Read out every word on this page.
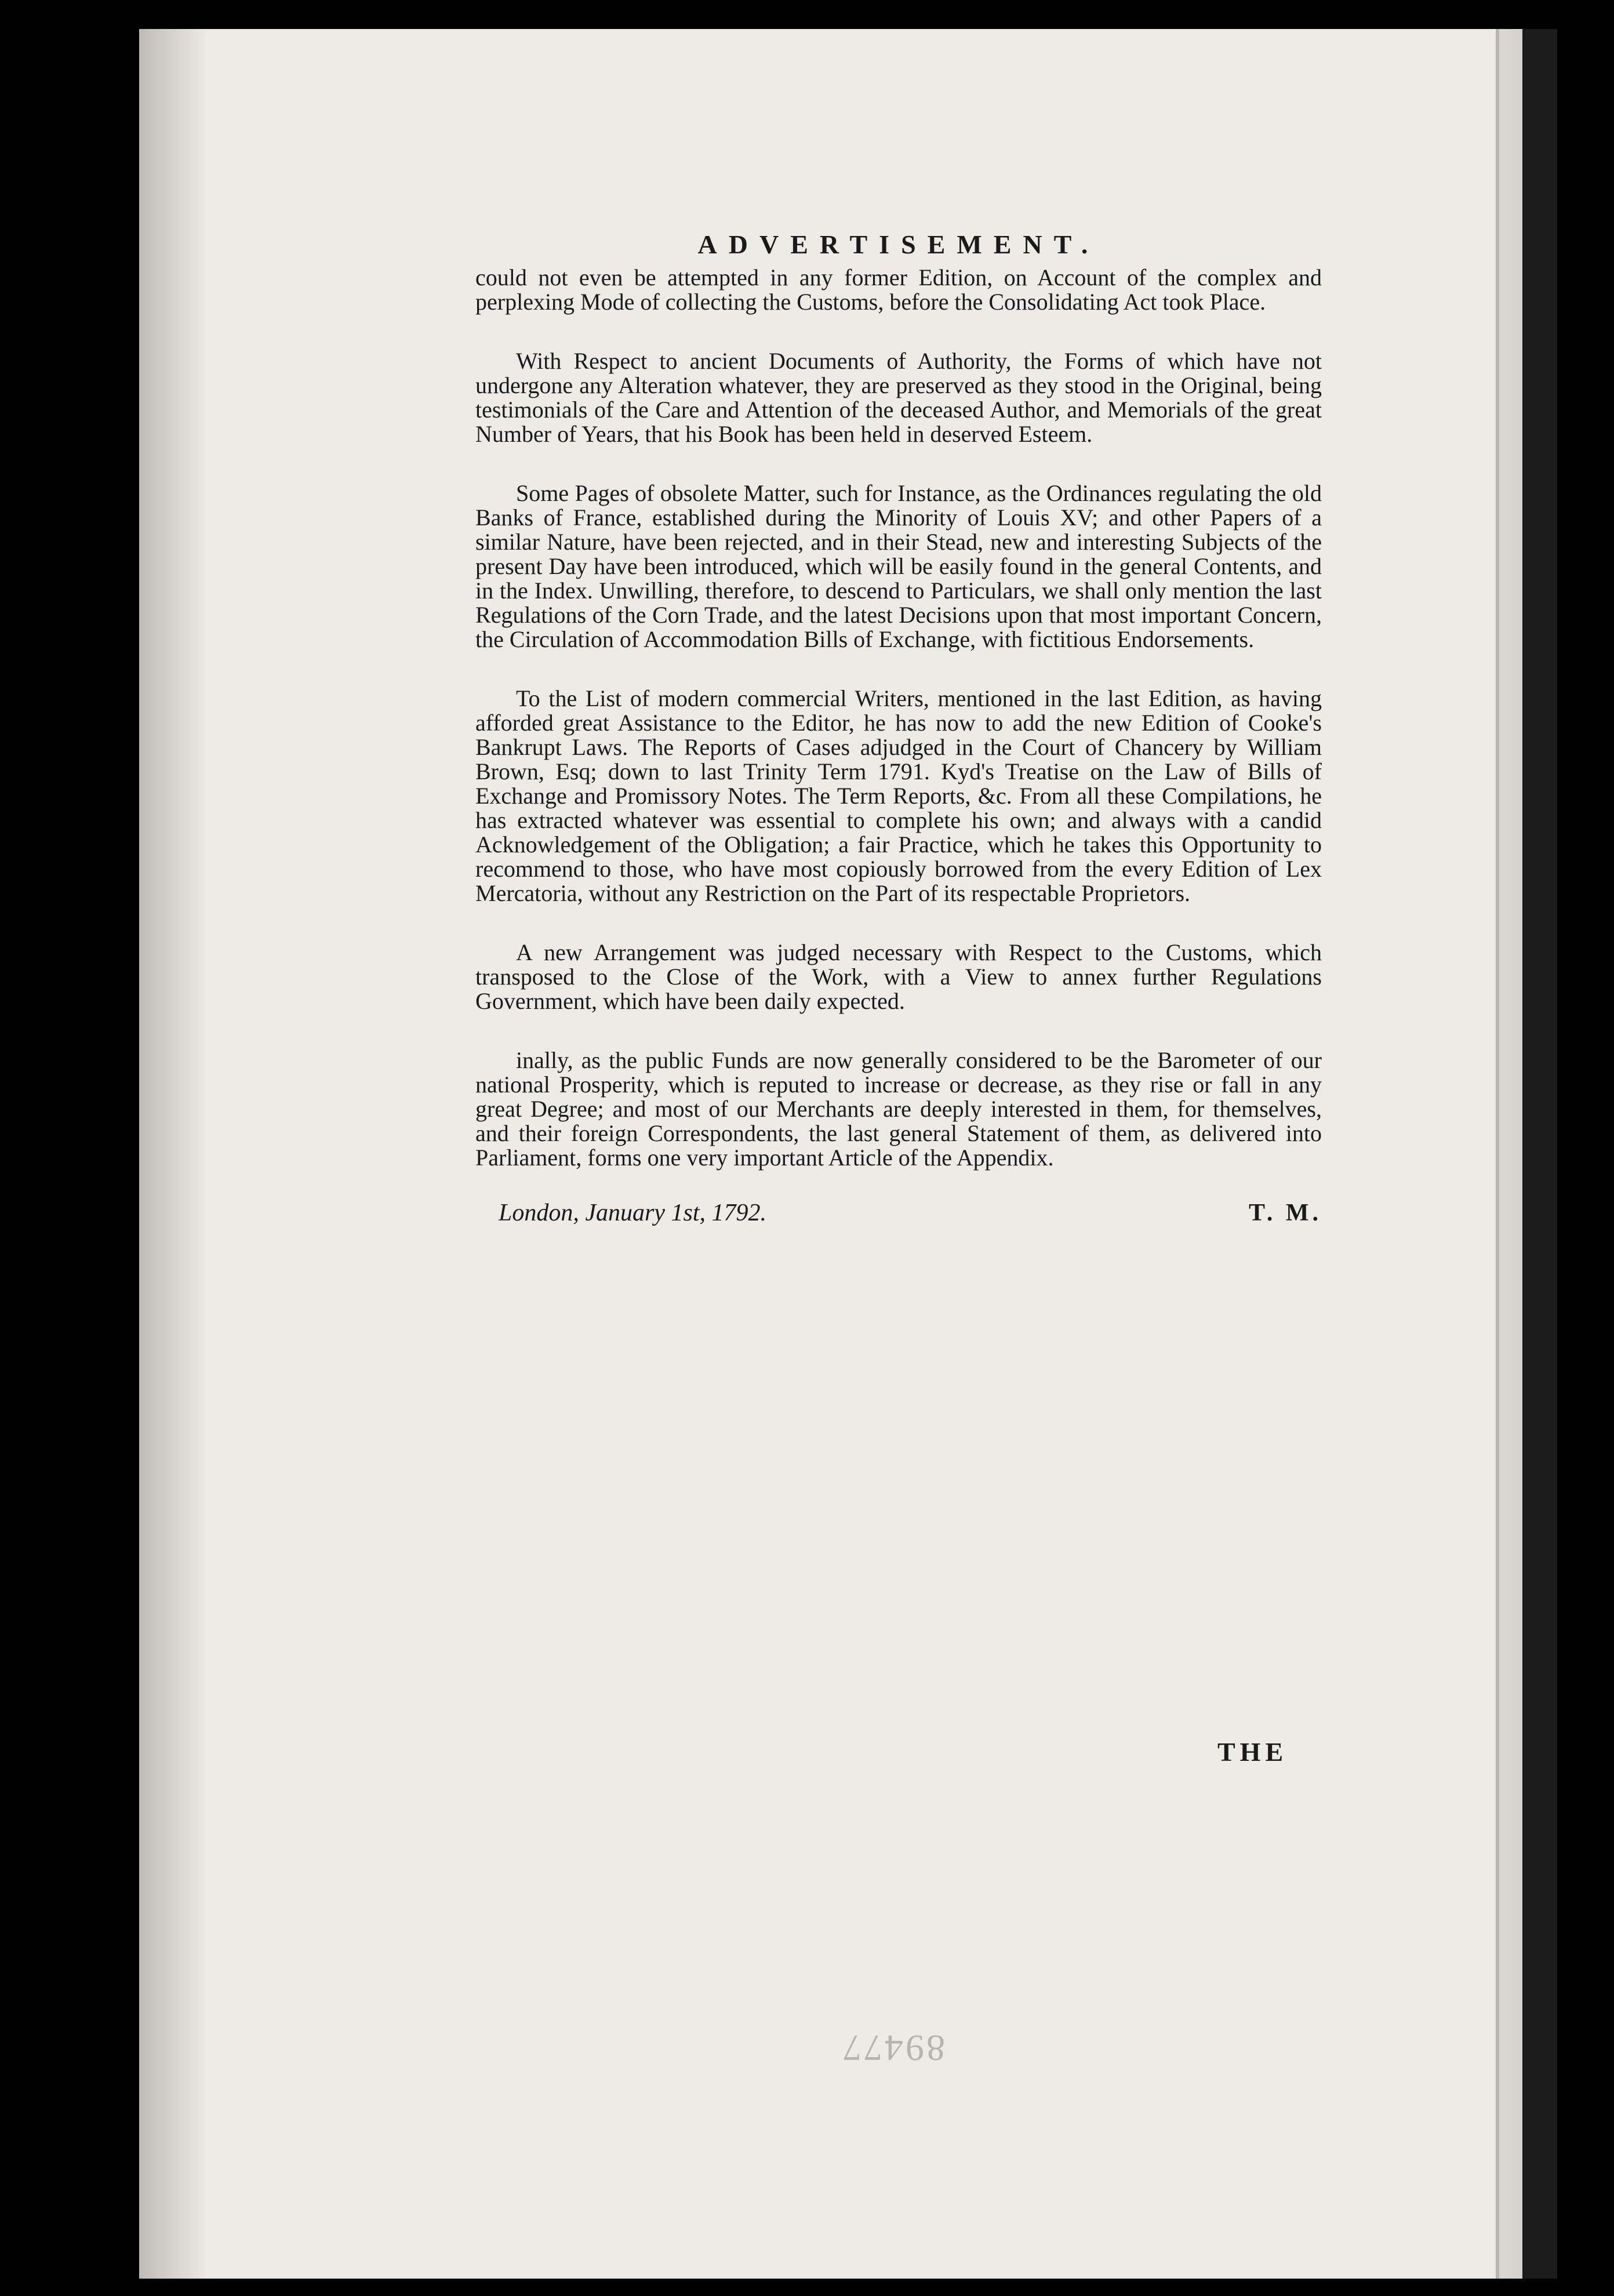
ADVERTISEMENT.

could not even be attempted in any former Edition, on Account of the complex and perplexing Mode of collecting the Customs, before the Consolidating Act took Place.

With Respect to ancient Documents of Authority, the Forms of which have not undergone any Alteration whatever, they are preserved as they stood in the Original, being testimonials of the Care and Attention of the deceased Author, and Memorials of the great Number of Years, that his Book has been held in deserved Esteem.

Some Pages of obsolete Matter, such for Instance, as the Ordinances regulating the old Banks of France, established during the Minority of Louis XV; and other Papers of a similar Nature, have been rejected, and in their Stead, new and interesting Subjects of the present Day have been introduced, which will be easily found in the general Contents, and in the Index. Unwilling, therefore, to descend to Particulars, we shall only mention the last Regulations of the Corn Trade, and the latest Decisions upon that most important Concern, the Circulation of Accommodation Bills of Exchange, with fictitious Endorsements.

To the List of modern commercial Writers, mentioned in the last Edition, as having afforded great Assistance to the Editor, he has now to add the new Edition of Cooke's Bankrupt Laws. The Reports of Cases adjudged in the Court of Chancery by William Brown, Esq; down to last Trinity Term 1791. Kyd's Treatise on the Law of Bills of Exchange and Promissory Notes. The Term Reports, &c. From all these Compilations, he has extracted whatever was essential to complete his own; and always with a candid Acknowledgement of the Obligation; a fair Practice, which he takes this Opportunity to recommend to those, who have most copiously borrowed from the every Edition of Lex Mercatoria, without any Restriction on the Part of its respectable Proprietors.

A new Arrangement was judged necessary with Respect to the Customs, which transposed to the Close of the Work, with a View to annex further Regulations Government, which have been daily expected.

inally, as the public Funds are now generally considered to be the Barometer of our national Prosperity, which is reputed to increase or decrease, as they rise or fall in any great Degree; and most of our Merchants are deeply interested in them, for themselves, and their foreign Correspondents, the last general Statement of them, as delivered into Parliament, forms one very important Article of the Appendix.

London, January 1st, 1792.	T. M.
THE
89477
